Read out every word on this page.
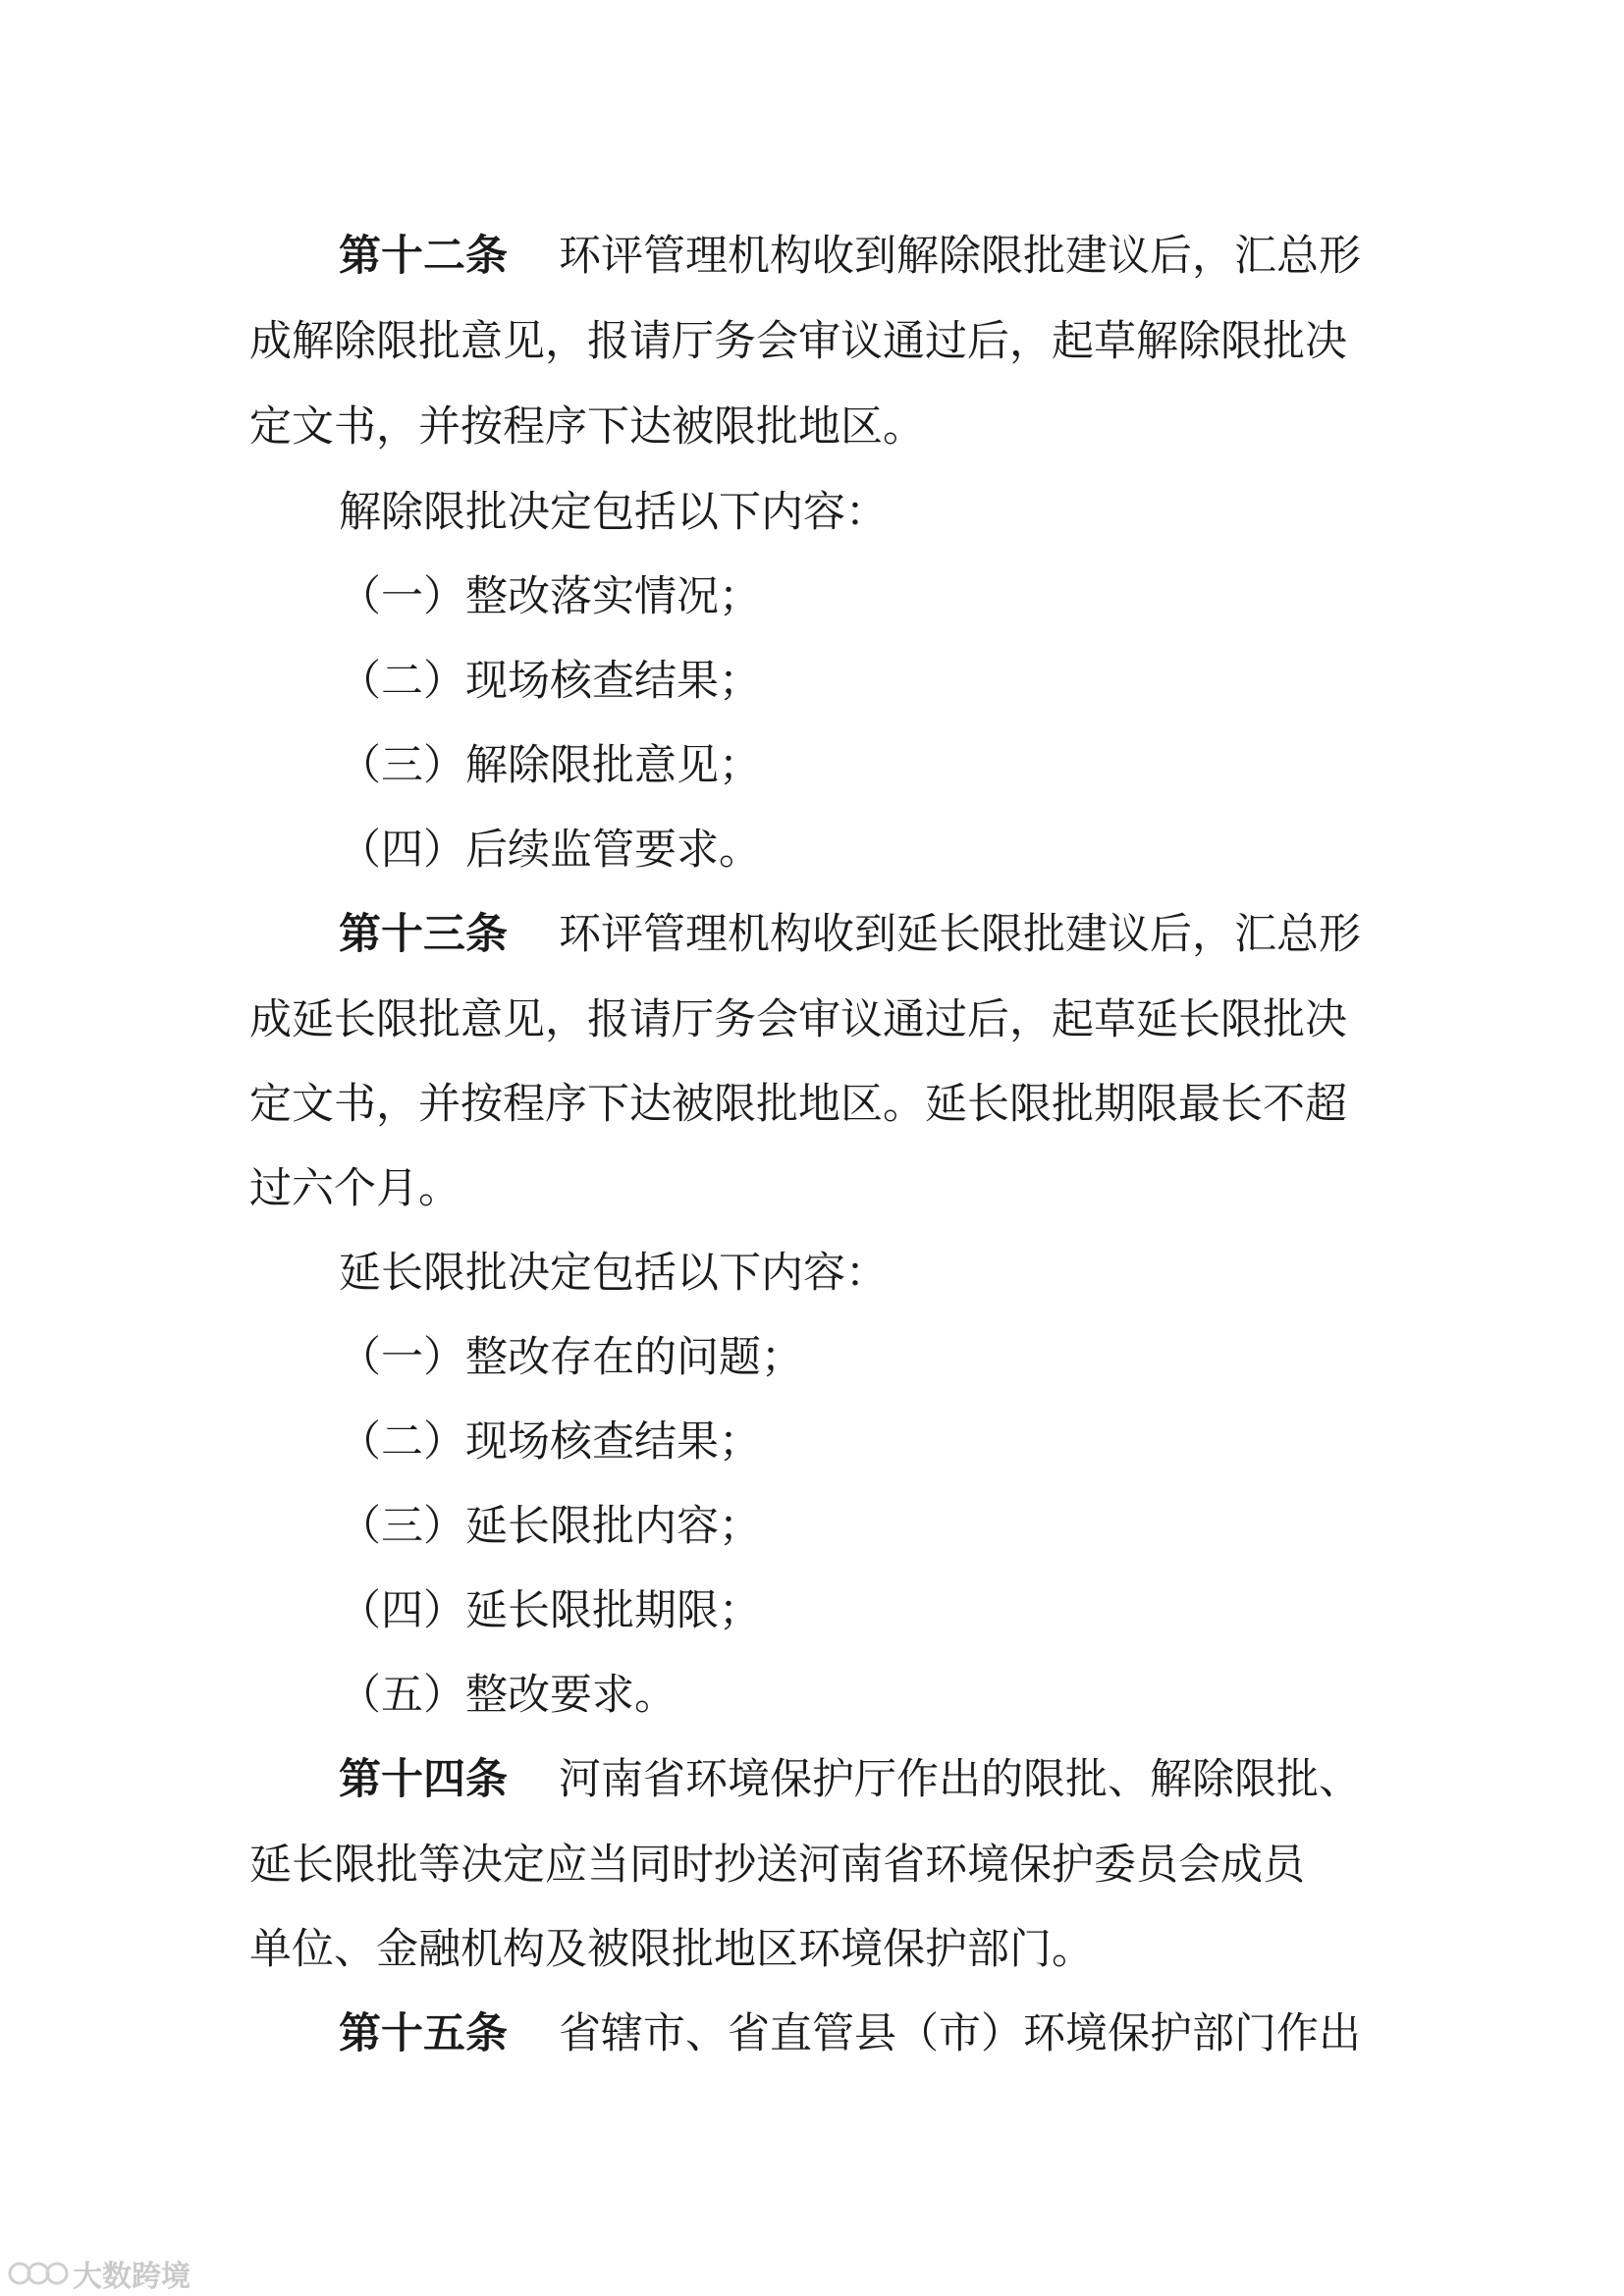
第十二条 环评管理机构收到解除限批建议后，汇总形
成解除限批意见，报请厅务会审议通过后，起草解除限批决
定文书，并按程序下达被限批地区。
解除限批决定包括以下内容：
（一）整改落实情况；
（二）现场核查结果；
（三）解除限批意见；
（四）后续监管要求。
第十三条 环评管理机构收到延长限批建议后，汇总形
成延长限批意见，报请厅务会审议通过后，起草延长限批决
定文书，并按程序下达被限批地区。延长限批期限最长不超
过六个月。
延长限批决定包括以下内容：
（一）整改存在的问题；
（二）现场核查结果；
（三）延长限批内容；
（四）延长限批期限；
（五）整改要求。
第十四条 河南省环境保护厅作出的限批、解除限批、
延长限批等决定应当同时抄送河南省环境保护委员会成员
单位、金融机构及被限批地区环境保护部门。
第十五条 省辖市、省直管县（市）环境保护部门作出
大数跨境
